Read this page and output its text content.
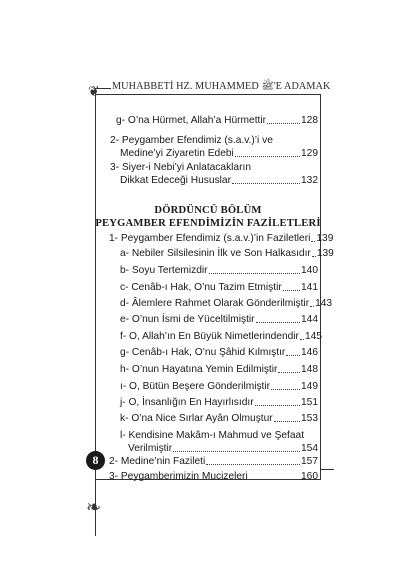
❦ MUHABBETİ HZ. MUHAMMED ﷺ'E ADAMAK
8
❧
g- O’na Hürmet, Allah’a Hürmettir	128
2- Peygamber Efendimiz (s.a.v.)’i ve
Medine’yi Ziyaretin Edebi	129
3- Siyer-i Nebi’yi Anlatacakların
Dikkat Edeceği Hususlar	132
DÖRDÜNCÜ BÖLÜM
PEYGAMBER EFENDİMİZİN FAZİLETLERİ
1- Peygamber Efendimiz (s.a.v.)’in Faziletleri 139
a- Nebiler Silsilesinin İlk ve Son Halkasıdır 139
b- Soyu Tertemizdir	140
c- Cenâb-ı Hak, O’nu Tazim Etmiştir 141
d- Âlemlere Rahmet Olarak Gönderilmiştir 143
e- O’nun İsmi de Yüceltilmiştir	144
f- O, Allah’ın En Büyük Nimetlerindendir 145
g- Cenâb-ı Hak, O’nu Şâhid Kılmıştır 146
h- O’nun Hayatına Yemin Edilmiştir 148
ı- O, Bütün Beşere Gönderilmiştir	149
j- O, İnsanlığın En Hayırlısıdır	151
k- O’na Nice Sırlar Ayân Olmuştur	153
l- Kendisine Makâm-ı Mahmud ve Şefaat
Verilmiştir	154
2- Medine’nin Fazileti	157
3- Peygamberimizin Mucizeleri	160
